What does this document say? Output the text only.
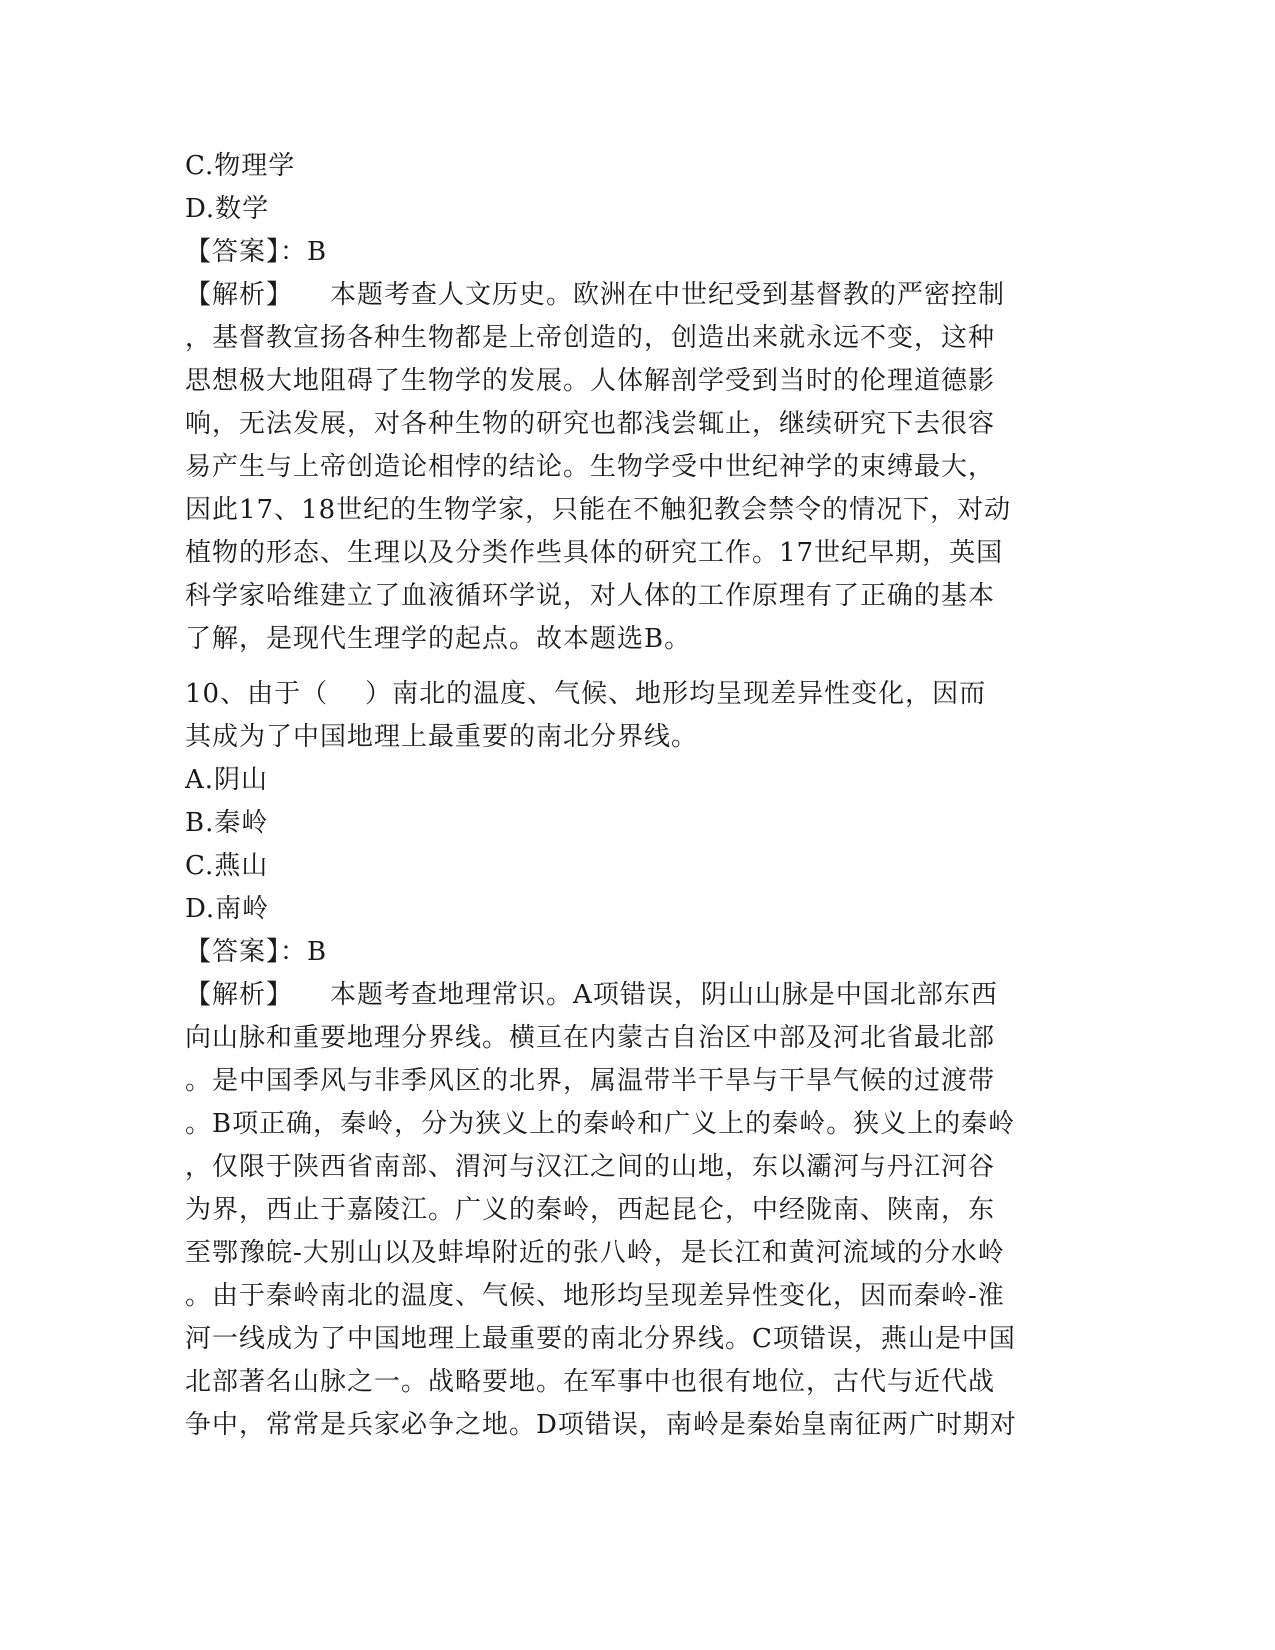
C.物理学
D.数学
【答案】：B
【解析】    本题考查人文历史。欧洲在中世纪受到基督教的严密控制
，基督教宣扬各种生物都是上帝创造的，创造出来就永远不变，这种
思想极大地阻碍了生物学的发展。人体解剖学受到当时的伦理道德影
响，无法发展，对各种生物的研究也都浅尝辄止，继续研究下去很容
易产生与上帝创造论相悖的结论。生物学受中世纪神学的束缚最大，
因此17、18世纪的生物学家，只能在不触犯教会禁令的情况下，对动
植物的形态、生理以及分类作些具体的研究工作。17世纪早期，英国
科学家哈维建立了血液循环学说，对人体的工作原理有了正确的基本
了解，是现代生理学的起点。故本题选B。
10、由于（    ）南北的温度、气候、地形均呈现差异性变化，因而
其成为了中国地理上最重要的南北分界线。
A.阴山
B.秦岭
C.燕山
D.南岭
【答案】：B
【解析】    本题考查地理常识。A项错误，阴山山脉是中国北部东西
向山脉和重要地理分界线。横亘在内蒙古自治区中部及河北省最北部
。是中国季风与非季风区的北界，属温带半干旱与干旱气候的过渡带
。B项正确，秦岭，分为狭义上的秦岭和广义上的秦岭。狭义上的秦岭
，仅限于陕西省南部、渭河与汉江之间的山地，东以灞河与丹江河谷
为界，西止于嘉陵江。广义的秦岭，西起昆仑，中经陇南、陕南，东
至鄂豫皖-大别山以及蚌埠附近的张八岭，是长江和黄河流域的分水岭
。由于秦岭南北的温度、气候、地形均呈现差异性变化，因而秦岭-淮
河一线成为了中国地理上最重要的南北分界线。C项错误，燕山是中国
北部著名山脉之一。战略要地。在军事中也很有地位，古代与近代战
争中，常常是兵家必争之地。D项错误，南岭是秦始皇南征两广时期对
